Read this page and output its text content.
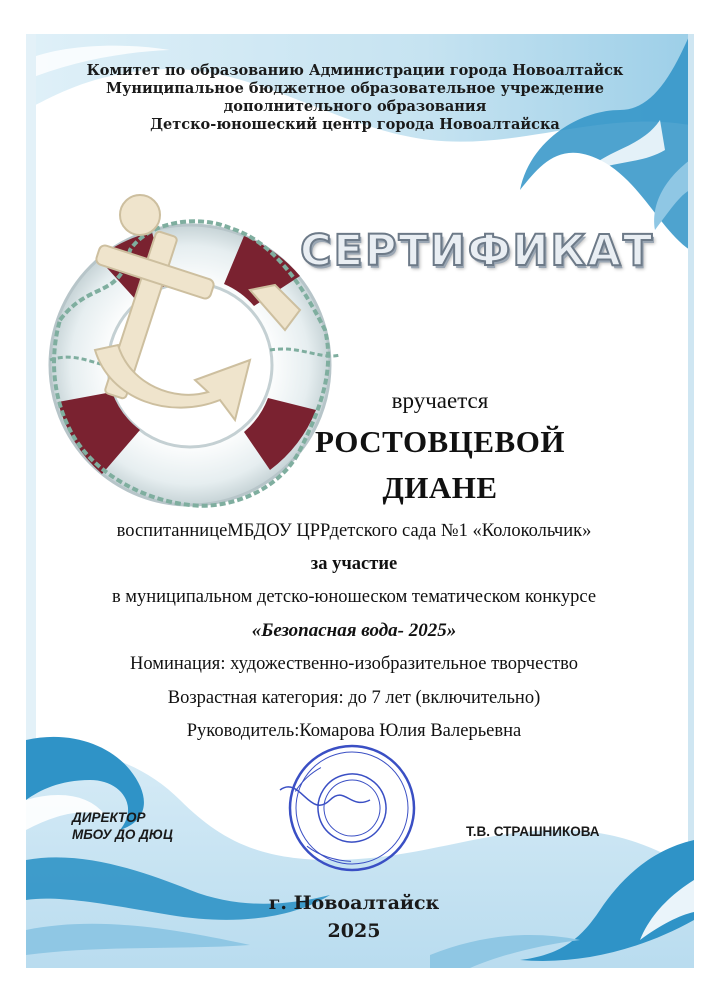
Комитет по образованию Администрации города Новоалтайск
Муниципальное бюджетное образовательное учреждение
дополнительного образования
Детско-юношеский центр города Новоалтайска
СЕРТИФИКАТ
вручается
РОСТОВЦЕВОЙ
ДИАНЕ
воспитанницеМБДОУ ЦРРдетского сада №1 «Колокольчик»
за участие
в муниципальном детско-юношеском тематическом конкурсе
«Безопасная вода- 2025»
Номинация: художественно-изобразительное творчество
Возрастная категория: до 7 лет (включительно)
Руководитель:Комарова Юлия Валерьевна
ДИРЕКТОР
МБОУ ДО ДЮЦ	Т.В. СТРАШНИКОВА
г. Новоалтайск
2025
